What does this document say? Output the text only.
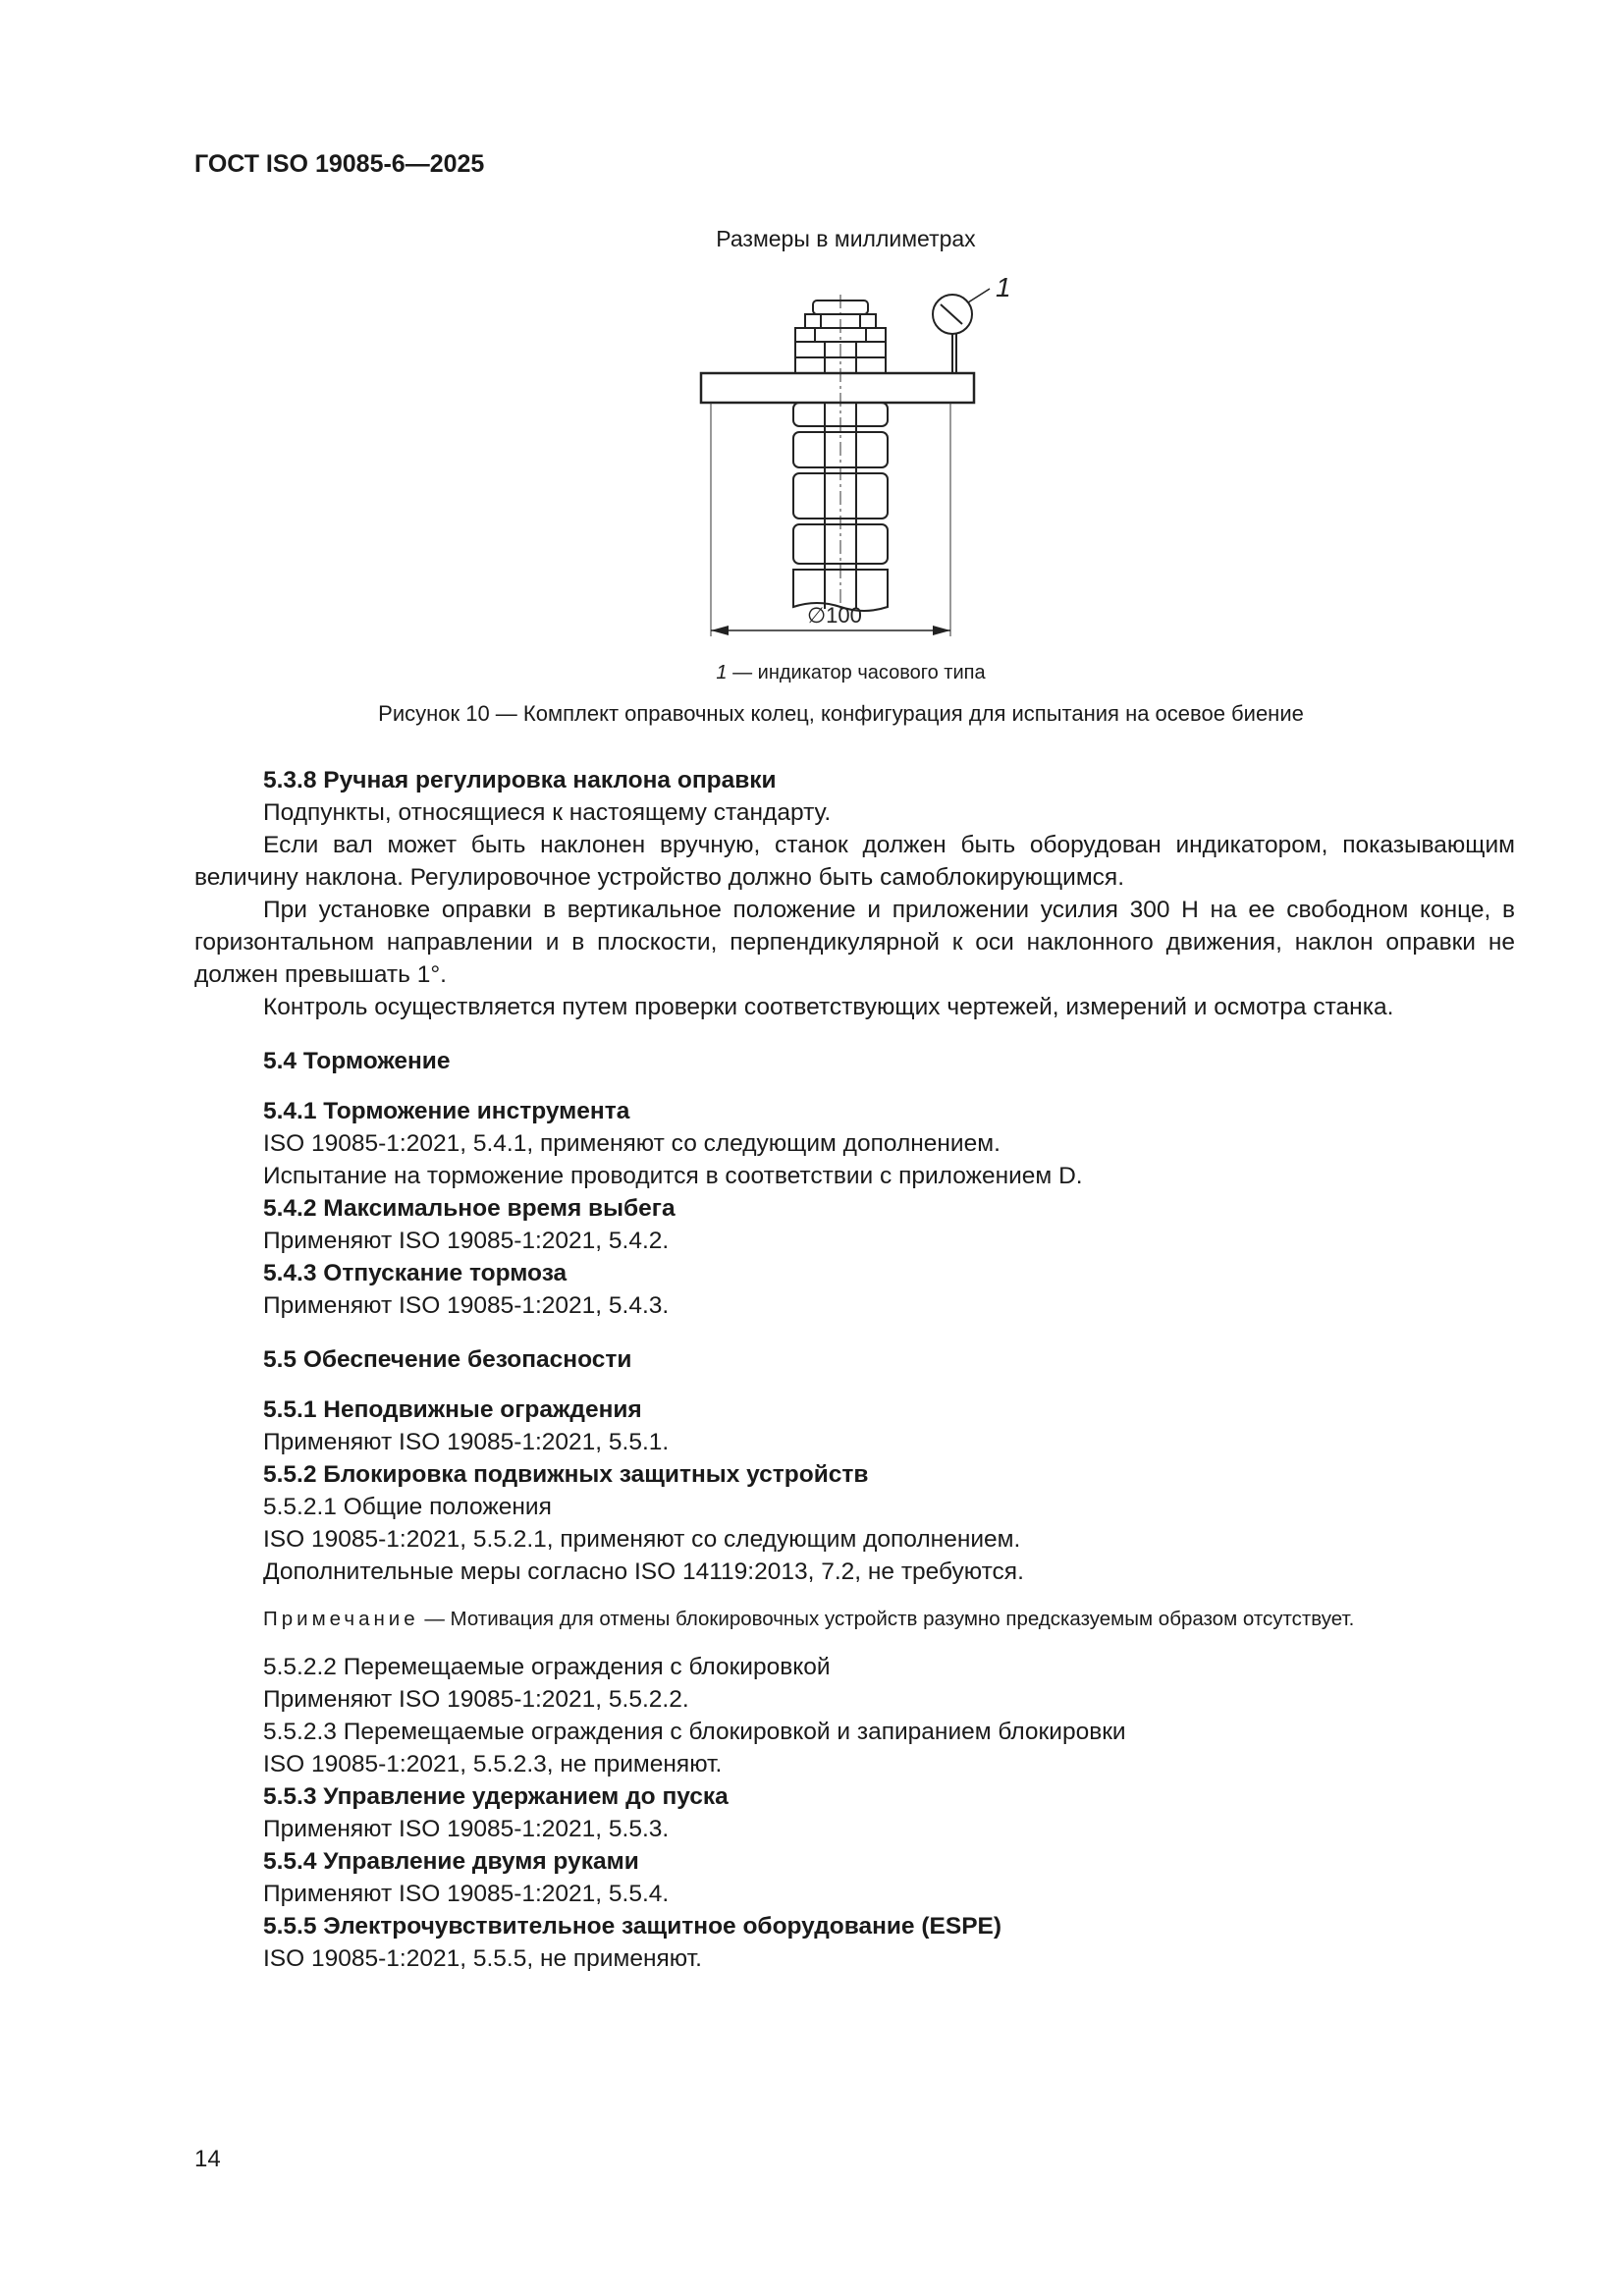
ГОСТ ISO 19085-6—2025
Размеры в миллиметрах
1
∅100
1 — индикатор часового типа
Рисунок 10 — Комплект оправочных колец, конфигурация для испытания на осевое биение

5.3.8 Ручная регулировка наклона оправки

Подпункты, относящиеся к настоящему стандарту.

Если вал может быть наклонен вручную, станок должен быть оборудован индикатором, показывающим величину наклона. Регулировочное устройство должно быть самоблокирующимся.

При установке оправки в вертикальное положение и приложении усилия 300 Н на ее свободном конце, в горизонтальном направлении и в плоскости, перпендикулярной к оси наклонного движения, наклон оправки не должен превышать 1°.

Контроль осуществляется путем проверки соответствующих чертежей, измерений и осмотра станка.

5.4 Торможение

5.4.1 Торможение инструмента

ISO 19085-1:2021, 5.4.1, применяют со следующим дополнением.

Испытание на торможение проводится в соответствии с приложением D.

5.4.2 Максимальное время выбега

Применяют ISO 19085-1:2021, 5.4.2.

5.4.3 Отпускание тормоза

Применяют ISO 19085-1:2021, 5.4.3.

5.5 Обеспечение безопасности

5.5.1 Неподвижные ограждения

Применяют ISO 19085-1:2021, 5.5.1.

5.5.2 Блокировка подвижных защитных устройств

5.5.2.1 Общие положения

ISO 19085-1:2021, 5.5.2.1, применяют со следующим дополнением.

Дополнительные меры согласно ISO 14119:2013, 7.2, не требуются.

Примечание — Мотивация для отмены блокировочных устройств разумно предсказуемым образом отсутствует.

5.5.2.2 Перемещаемые ограждения с блокировкой

Применяют ISO 19085-1:2021, 5.5.2.2.

5.5.2.3 Перемещаемые ограждения с блокировкой и запиранием блокировки

ISO 19085-1:2021, 5.5.2.3, не применяют.

5.5.3 Управление удержанием до пуска

Применяют ISO 19085-1:2021, 5.5.3.

5.5.4 Управление двумя руками

Применяют ISO 19085-1:2021, 5.5.4.

5.5.5 Электрочувствительное защитное оборудование (ESPE)

ISO 19085-1:2021, 5.5.5, не применяют.

14
